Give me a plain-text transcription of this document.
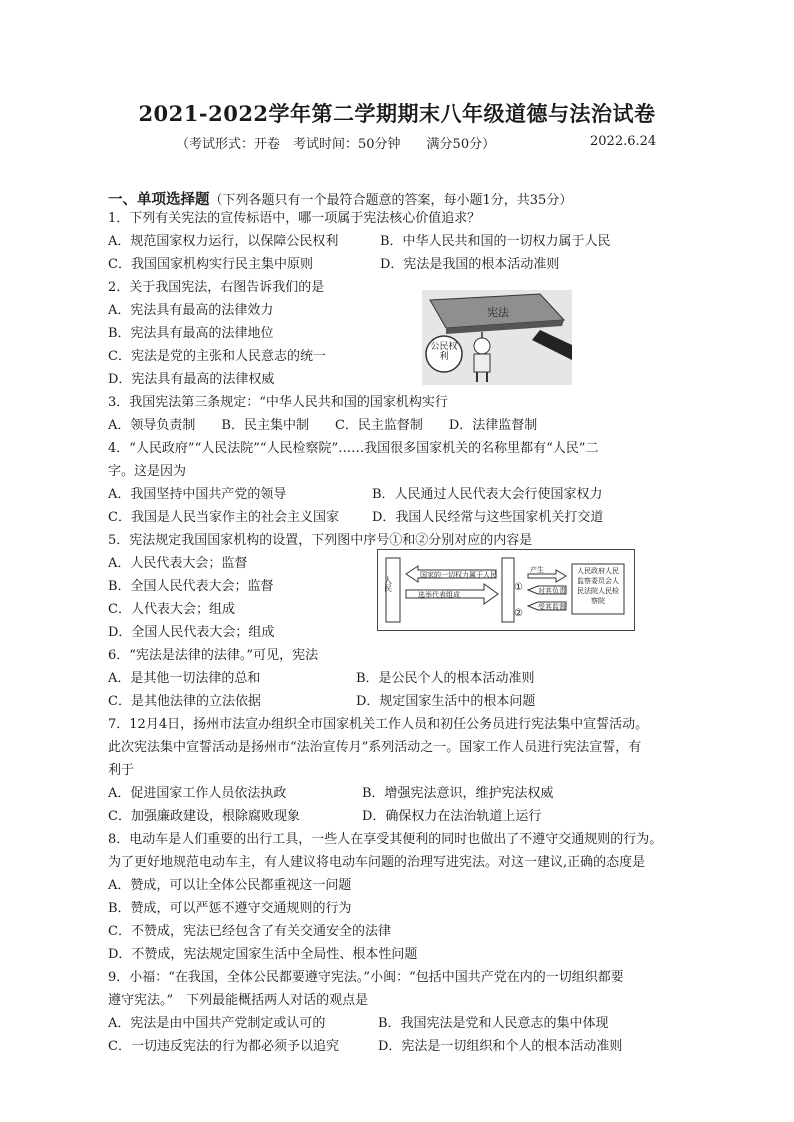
2021-2022学年第二学期期末八年级道德与法治试卷
（考试形式：开卷　考试时间：50分钟　　满分50分）	2022.6.24
一、单项选择题（下列各题只有一个最符合题意的答案，每小题1分，共35分）
1．下列有关宪法的宣传标语中，哪一项属于宪法核心价值追求？
A．规范国家权力运行，以保障公民权利	B．中华人民共和国的一切权力属于人民
C．我国国家机构实行民主集中原则	D．宪法是我国的根本活动准则
2．关于我国宪法，右图告诉我们的是
A．宪法具有最高的法律效力
B．宪法具有最高的法律地位
C．宪法是党的主张和人民意志的统一
D．宪法具有最高的法律权威
宪法
公民权利
3．我国宪法第三条规定：“中华人民共和国的国家机构实行
A．领导负责制　　B．民主集中制　　C．民主监督制　　D．法律监督制
4．“人民政府”“人民法院”“人民检察院”……我国很多国家机关的名称里都有“人民”二
字。这是因为
A．我国坚持中国共产党的领导	B．人民通过人民代表大会行使国家权力
C．我国是人民当家作主的社会主义国家	D．我国人民经常与这些国家机关打交道
5．宪法规定我国国家机构的设置，下列图中序号①和②分别对应的内容是
A．人民代表大会；监督
B．全国人民代表大会；监督
C．人代表大会；组成
D．全国人民代表大会；组成
人民
国家的一切权力属于人民
选举代表组成
①
②
产生
对其负责
受其监督
人民政府人民监察委员会人民法院人民检察院
6．“宪法是法律的法律。”可见，宪法
A．是其他一切法律的总和	B．是公民个人的根本活动准则
C．是其他法律的立法依据	D．规定国家生活中的根本问题
7．12月4日，扬州市法宣办组织全市国家机关工作人员和初任公务员进行宪法集中宣誓活动。
此次宪法集中宣誓活动是扬州市“法治宣传月”系列活动之一。国家工作人员进行宪法宣誓，有
利于
A．促进国家工作人员依法执政	B．增强宪法意识，维护宪法权威
C．加强廉政建设，根除腐败现象	D．确保权力在法治轨道上运行
8．电动车是人们重要的出行工具，一些人在享受其便利的同时也做出了不遵守交通规则的行为。
为了更好地规范电动车主，有人建议将电动车问题的治理写进宪法。对这一建议,正确的态度是
A．赞成，可以让全体公民都重视这一问题
B．赞成，可以严惩不遵守交通规则的行为
C．不赞成，宪法已经包含了有关交通安全的法律
D．不赞成，宪法规定国家生活中全局性、根本性问题
9．小福：“在我国，全体公民都要遵守宪法。”小闽：“包括中国共产党在内的一切组织都要
遵守宪法。”　下列最能概括两人对话的观点是
A．宪法是由中国共产党制定或认可的	B．我国宪法是党和人民意志的集中体现
C．一切违反宪法的行为都必须予以追究	D．宪法是一切组织和个人的根本活动准则
